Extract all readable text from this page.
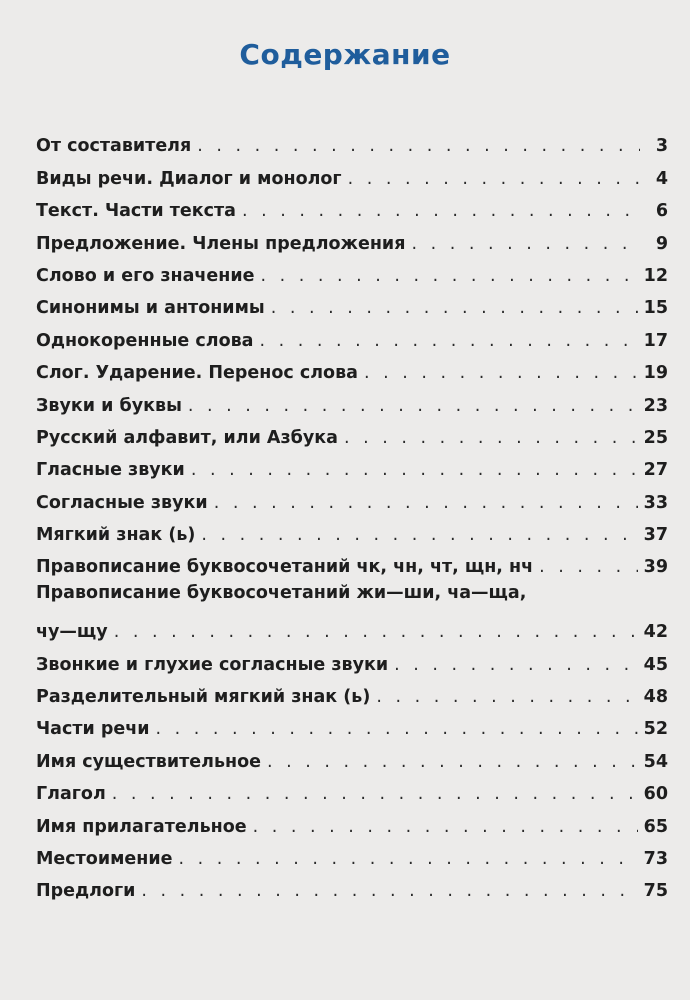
Содержание
От составителя . . .	3
Виды речи. Диалог и монолог . . .	4
Текст. Части текста . . .	6
Предложение. Члены предложения . . .	9
Слово и его значение . . .	12
Синонимы и антонимы . . .	15
Однокоренные слова . . .	17
Слог. Ударение. Перенос слова . . .	19
Звуки и буквы . . .	23
Русский алфавит, или Азбука . . .	25
Гласные звуки . . .	27
Согласные звуки . . .	33
Мягкий знак (ь) . . .	37
Правописание буквосочетаний чк, чн, чт, щн, нч . . .	39
Правописание буквосочетаний жи—ши, ча—ща,
чу—щу . . .	42
Звонкие и глухие согласные звуки . . .	45
Разделительный мягкий знак (ь) . . .	48
Части речи . . .	52
Имя существительное . . .	54
Глагол . . .	60
Имя прилагательное . . .	65
Местоимение . . .	73
Предлоги . . .	75
